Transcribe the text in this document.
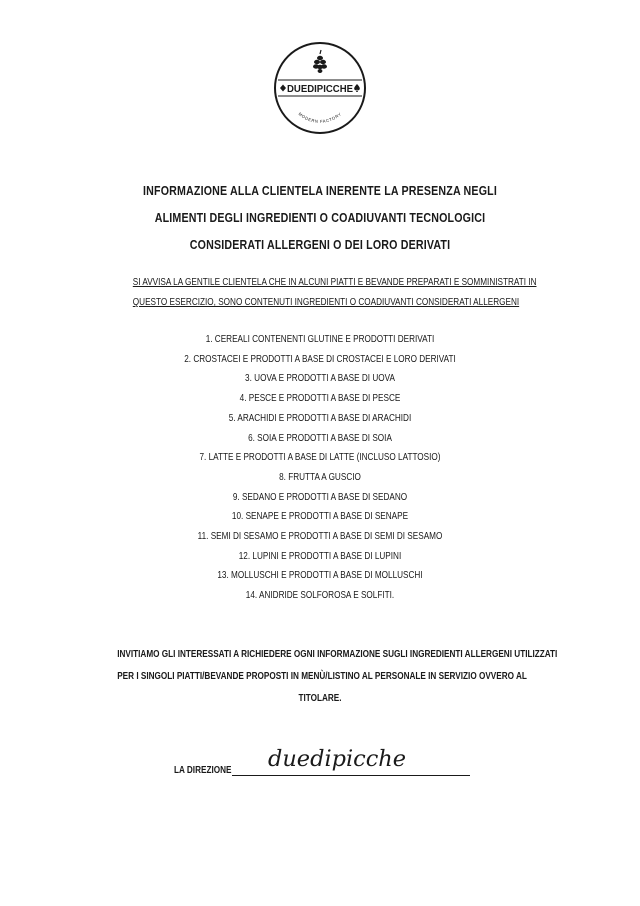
DUEDIPICCHE
MODERN FACTORY
INFORMAZIONE ALLA CLIENTELA INERENTE LA PRESENZA NEGLI
ALIMENTI DEGLI INGREDIENTI O COADIUVANTI TECNOLOGICI
CONSIDERATI ALLERGENI O DEI LORO DERIVATI
SI AVVISA LA GENTILE CLIENTELA CHE IN ALCUNI PIATTI E BEVANDE PREPARATI E SOMMINISTRATI IN
QUESTO ESERCIZIO, SONO CONTENUTI INGREDIENTI O COADIUVANTI CONSIDERATI ALLERGENI
1. CEREALI CONTENENTI GLUTINE E PRODOTTI DERIVATI
2. CROSTACEI E PRODOTTI A BASE DI CROSTACEI E LORO DERIVATI
3. UOVA E PRODOTTI A BASE DI UOVA
4. PESCE E PRODOTTI A BASE DI PESCE
5. ARACHIDI E PRODOTTI A BASE DI ARACHIDI
6. SOIA E PRODOTTI A BASE DI SOIA
7. LATTE E PRODOTTI A BASE DI LATTE (INCLUSO LATTOSIO)
8. FRUTTA A GUSCIO
9. SEDANO E PRODOTTI A BASE DI SEDANO
10. SENAPE E PRODOTTI A BASE DI SENAPE
11. SEMI DI SESAMO E PRODOTTI A BASE DI SEMI DI SESAMO
12. LUPINI E PRODOTTI A BASE DI LUPINI
13. MOLLUSCHI E PRODOTTI A BASE DI MOLLUSCHI
14. ANIDRIDE SOLFOROSA E SOLFITI.
INVITIAMO GLI INTERESSATI A RICHIEDERE OGNI INFORMAZIONE SUGLI INGREDIENTI ALLERGENI UTILIZZATI
PER I SINGOLI PIATTI/BEVANDE PROPOSTI IN MENÙ/LISTINO AL PERSONALE IN SERVIZIO OVVERO AL
TITOLARE.
LA DIREZIONE duedipicche
